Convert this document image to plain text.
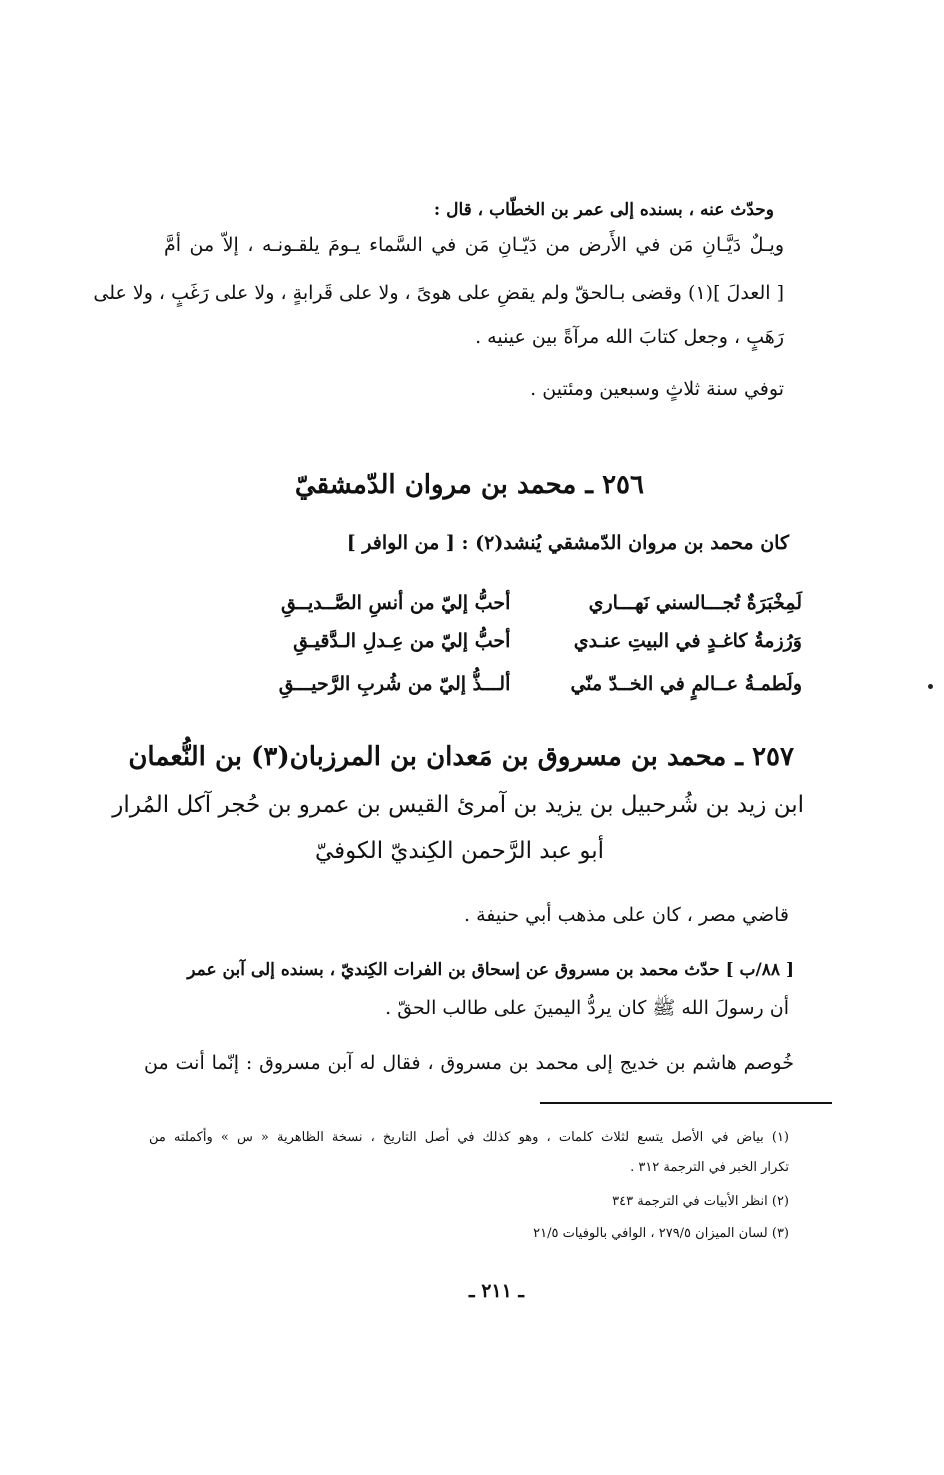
وحدّث عنه ، بسنده إلى عمر بن الخطّاب ، قال :
ويـلٌ دَيَّـانِ مَن في الأَرض من دَيّـانِ مَن في السَّماء يـومَ يلقـونـه ، إلاّ من أمَّ
[ العدلَ ](١) وقضى بـالحقّ ولم يقضِ على هوىً ، ولا على قَرابةٍ ، ولا على رَغَبٍ ، ولا على
رَهَبٍ ، وجعل كتابَ الله مرآةً بين عينيه .
توفي سنة ثلاثٍ وسبعين ومئتين .
٢٥٦ ـ محمد بن مروان الدّمشقيّ
كان محمد بن مروان الدّمشقي يُنشد(٢) : [ من الوافر ]
لَمِخْبَرَةٌ تُجـــالسني نَهـــاري أحبُّ إليّ من أنسِ الصَّــديــقِ
وَرُزمةُ كاغـدٍ في البيتِ عنـدي أحبُّ إليّ من عِـدلِ الـدَّقيـقِ
ولَطمـةُ عــالمٍ في الخــدّ منّي ألـــذُّ إليّ من شُربِ الرَّحيـــقِ
٢٥٧ ـ محمد بن مسروق بن مَعدان بن المرزبان(٣) بن النُّعمان
ابن زيد بن شُرحبيل بن يزيد بن آمرئ القيس بن عمرو بن حُجر آكل المُرار
أبو عبد الرَّحمن الكِنديّ الكوفيّ
قاضي مصر ، كان على مذهب أبي حنيفة .
[ ٨٨/ب ] حدّث محمد بن مسروق عن إسحاق بن الفرات الكِنديّ ، بسنده إلى آبن عمر
أن رسولَ الله ﷺ كان يردُّ اليمينَ على طالب الحقّ .
خُوصم هاشم بن خديج إلى محمد بن مسروق ، فقال له آبن مسروق : إنّما أنت من
(١) بياض في الأصل يتسع لثلاث كلمات ، وهو كذلك في أصل التاريخ ، نسخة الظاهرية « س » وأكملته من
تكرار الخبر في الترجمة ٣١٢ .
(٢) انظر الأبيات في الترجمة ٣٤٣
(٣) لسان الميزان ٢٧٩/٥ ، الوافي بالوفيات ٢١/٥
ـ ٢١١ ـ
